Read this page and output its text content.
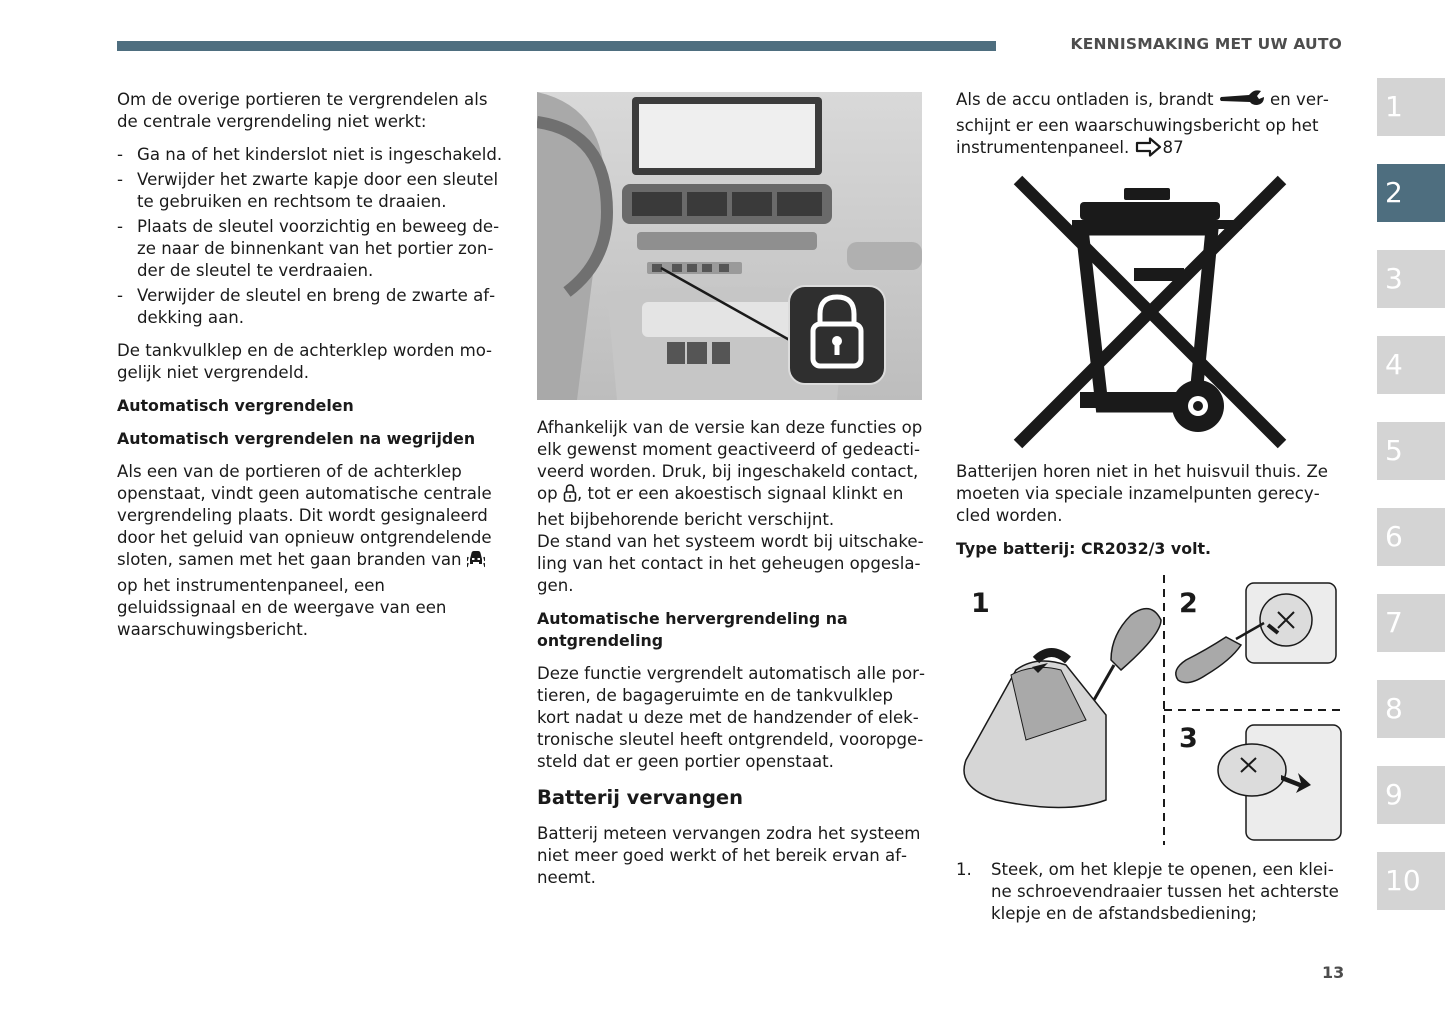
KENNISMAKING MET UW AUTO

Om de overige portieren te vergrendelen als de centrale vergrendeling niet werkt:

- Ga na of het kinderslot niet is ingeschakeld.
- Verwijder het zwarte kapje door een sleutel te gebruiken en rechtsom te draaien.
- Plaats de sleutel voorzichtig en beweeg deze naar de binnenkant van het portier zonder de sleutel te verdraaien.
- Verwijder de sleutel en breng de zwarte afdekking aan.

De tankvulklep en de achterklep worden mogelijk niet vergrendeld.

Automatisch vergrendelen

Automatisch vergrendelen na wegrijden

Als een van de portieren of de achterklep openstaat, vindt geen automatische centrale vergrendeling plaats. Dit wordt gesignaleerd door het geluid van opnieuw ontgrendelende sloten, samen met het gaan branden van  op het instrumentenpaneel, een geluidssignaal en de weergave van een waarschuwingsbericht.

Afhankelijk van de versie kan deze functies op elk gewenst moment geactiveerd of gedeactiveerd worden. Druk, bij ingeschakeld contact, op , tot er een akoestisch signaal klinkt en het bijbehorende bericht verschijnt.

De stand van het systeem wordt bij uitschakeling van het contact in het geheugen opgeslagen.

Automatische hervergrendeling na ontgrendeling

Deze functie vergrendelt automatisch alle portieren, de bagageruimte en de tankvulklep kort nadat u deze met de handzender of elektronische sleutel heeft ontgrendeld, vooropgesteld dat er geen portier openstaat.

Batterij vervangen

Batterij meteen vervangen zodra het systeem niet meer goed werkt of het bereik ervan afneemt.

Als de accu ontladen is, brandt	en verschijnt er een waarschuwingsbericht op het instrumentenpaneel. 87

Batterijen horen niet in het huisvuil thuis. Ze moeten via speciale inzamelpunten gerecycled worden.

Type batterij: CR2032/3 volt.

1	2
3
1. Steek, om het klepje te openen, een kleine schroevendraaier tussen het achterste klepje en de afstandsbediening;
1
2
3
4
5
6
7
8
9
10
13
